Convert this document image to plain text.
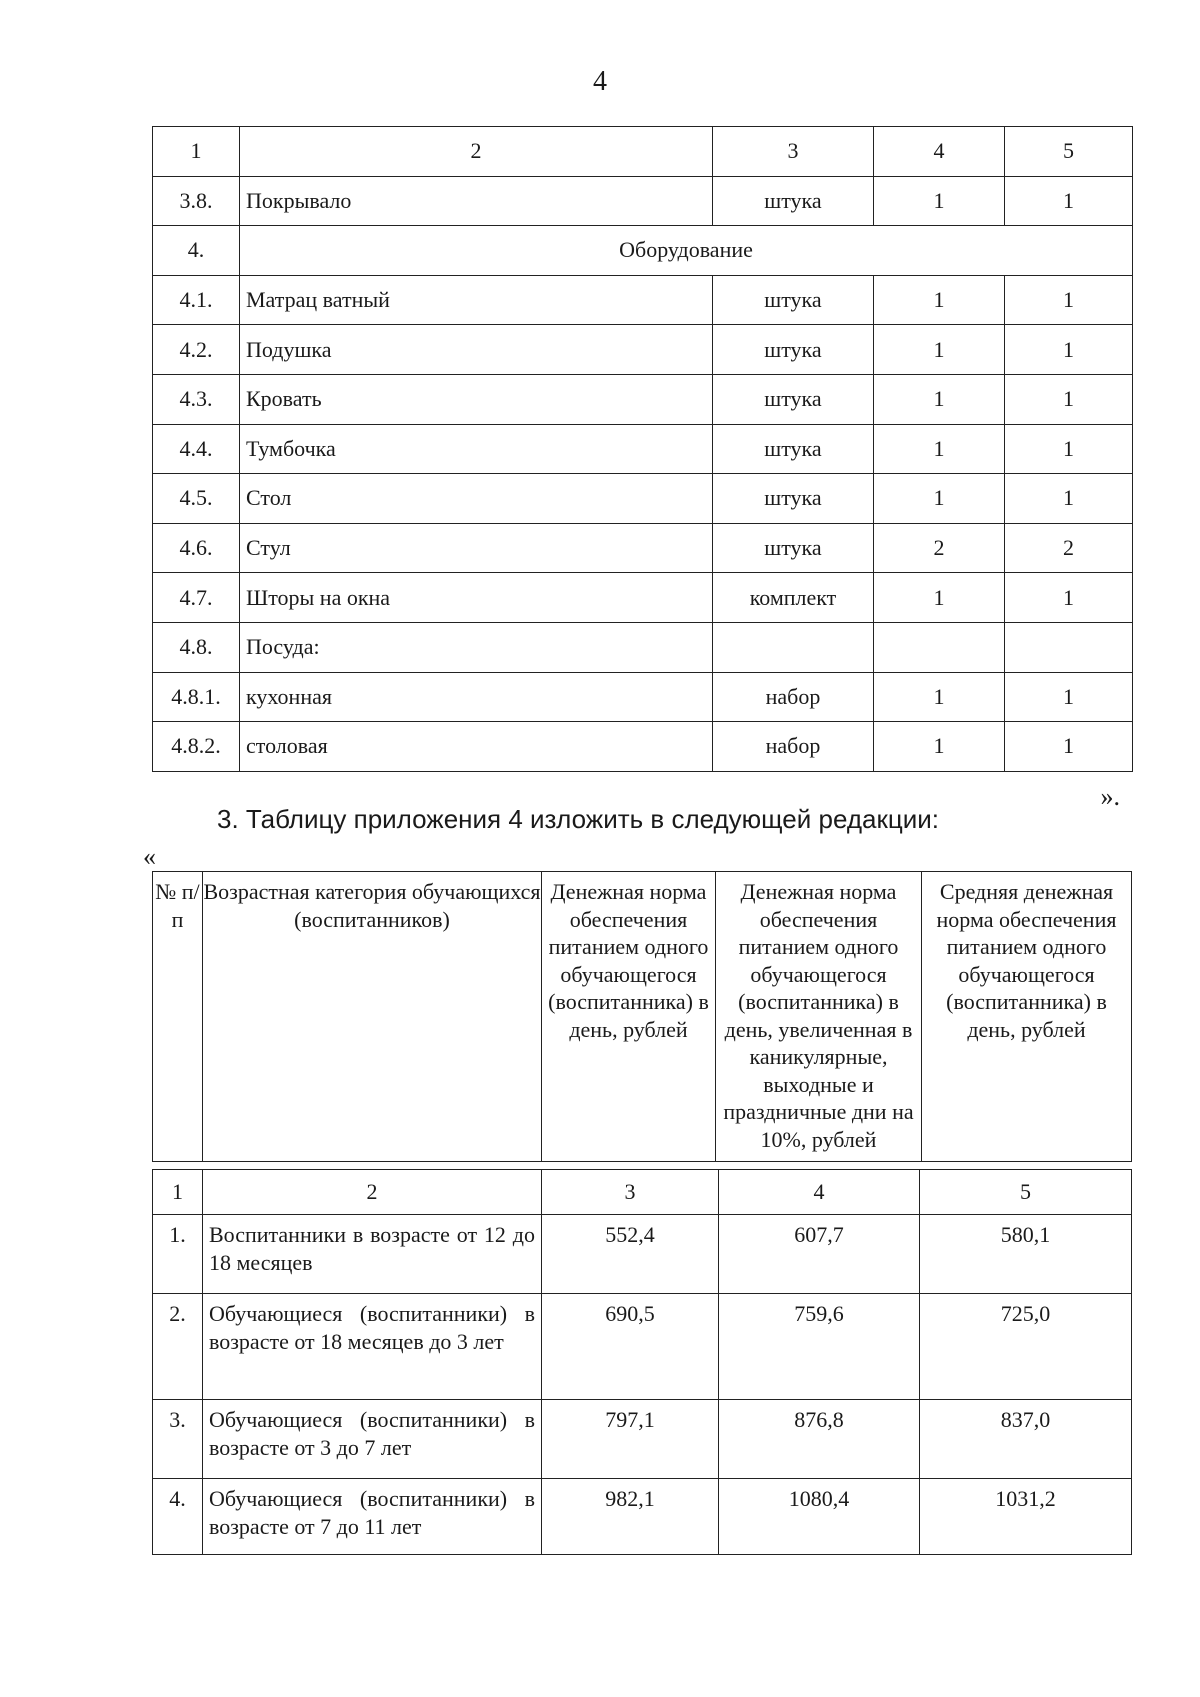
4
1	2	3	4	5
3.8.	Покрывало	штука	1	1
4.	Оборудование			
4.1.	Матрац ватный	штука	1	1
4.2.	Подушка	штука	1	1
4.3.	Кровать	штука	1	1
4.4.	Тумбочка	штука	1	1
4.5.	Стол	штука	1	1
4.6.	Стул	штука	2	2
4.7.	Шторы на окна	комплект	1	1
4.8.	Посуда:			
4.8.1.	кухонная	набор	1	1
4.8.2.	столовая	набор	1	1
».
3. Таблицу приложения 4 изложить в следующей редакции:
«
№ п/п	Возрастная категория обучающихся (воспитанников)	Денежная норма обеспечения питанием одного обучающегося (воспитанника) в день, рублей	Денежная норма обеспечения питанием одного обучающегося (воспитанника) в день, увеличенная в каникулярные, выходные и праздничные дни на 10%, рублей	Средняя денежная норма обеспечения питанием одного обучающегося (воспитанника) в день, рублей
1	2	3	4	5
1.	Воспитанники в возрасте от 12 до 18 месяцев	552,4	607,7	580,1
2.	Обучающиеся (воспитанники) в возрасте от 18 месяцев до 3 лет	690,5	759,6	725,0
3.	Обучающиеся (воспитанники) в возрасте от 3 до 7 лет	797,1	876,8	837,0
4.	Обучающиеся (воспитанники) в возрасте от 7 до 11 лет	982,1	1080,4	1031,2
